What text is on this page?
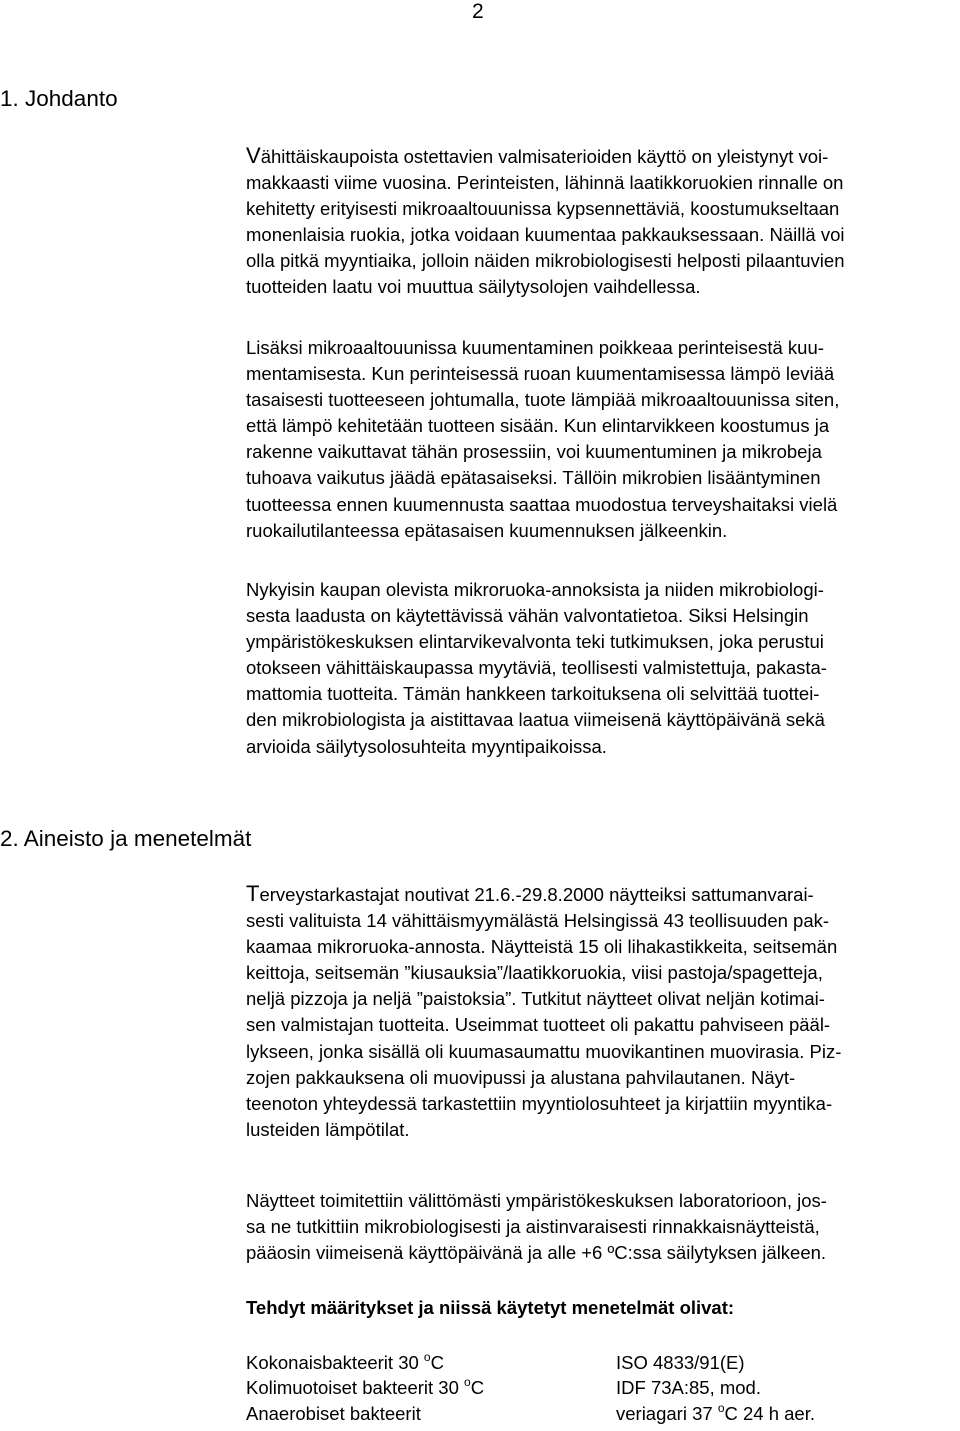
2
1. Johdanto

Vähittäiskaupoista ostettavien valmisaterioiden käyttö on yleistynyt voi-
makkaasti viime vuosina. Perinteisten, lähinnä laatikkoruokien rinnalle on
kehitetty erityisesti mikroaaltouunissa kypsennettäviä, koostumukseltaan
monenlaisia ruokia, jotka voidaan kuumentaa pakkauksessaan. Näillä voi
olla pitkä myyntiaika, jolloin näiden mikrobiologisesti helposti pilaantuvien
tuotteiden laatu voi muuttua säilytysolojen vaihdellessa.

Lisäksi mikroaaltouunissa kuumentaminen poikkeaa perinteisestä kuu-
mentamisesta. Kun perinteisessä ruoan kuumentamisessa lämpö leviää
tasaisesti tuotteeseen johtumalla, tuote lämpiää mikroaaltouunissa siten,
että lämpö kehitetään tuotteen sisään. Kun elintarvikkeen koostumus ja
rakenne vaikuttavat tähän prosessiin, voi kuumentuminen ja mikrobeja
tuhoava vaikutus jäädä epätasaiseksi. Tällöin mikrobien lisääntyminen
tuotteessa ennen kuumennusta saattaa muodostua terveyshaitaksi vielä
ruokailutilanteessa epätasaisen kuumennuksen jälkeenkin.

Nykyisin kaupan olevista mikroruoka-annoksista ja niiden mikrobiologi-
sesta laadusta on käytettävissä vähän valvontatietoa. Siksi Helsingin
ympäristökeskuksen elintarvikevalvonta teki tutkimuksen, joka perustui
otokseen vähittäiskaupassa myytäviä, teollisesti valmistettuja, pakasta-
mattomia tuotteita. Tämän hankkeen tarkoituksena oli selvittää tuottei-
den mikrobiologista ja aistittavaa laatua viimeisenä käyttöpäivänä sekä
arvioida säilytysolosuhteita myyntipaikoissa.

2. Aineisto ja menetelmät

Terveystarkastajat noutivat 21.6.-29.8.2000 näytteiksi sattumanvarai-
sesti valituista 14 vähittäismyymälästä Helsingissä 43 teollisuuden pak-
kaamaa mikroruoka-annosta. Näytteistä 15 oli lihakastikkeita, seitsemän
keittoja, seitsemän ”kiusauksia”/laatikkoruokia, viisi pastoja/spagetteja,
neljä pizzoja ja neljä ”paistoksia”. Tutkitut näytteet olivat neljän kotimai-
sen valmistajan tuotteita. Useimmat tuotteet oli pakattu pahviseen pääl-
lykseen, jonka sisällä oli kuumasaumattu muovikantinen muovirasia. Piz-
zojen pakkauksena oli muovipussi ja alustana pahvilautanen. Näyt-
teenoton yhteydessä tarkastettiin myyntiolosuhteet ja kirjattiin myyntika-
lusteiden lämpötilat.

Näytteet toimitettiin välittömästi ympäristökeskuksen laboratorioon, jos-
sa ne tutkittiin mikrobiologisesti ja aistinvaraisesti rinnakkaisnäytteistä,
pääosin viimeisenä käyttöpäivänä ja alle +6 ºC:ssa säilytyksen jälkeen.

Tehdyt määritykset ja niissä käytetyt menetelmät olivat:
Kokonaisbakteerit 30 $^o$C	ISO 4833/91(E)
Kolimuotoiset bakteerit 30 $^o$C	IDF 73A:85, mod.
Anaerobiset bakteerit	veriagari 37 $^o$C 24 h aer.
